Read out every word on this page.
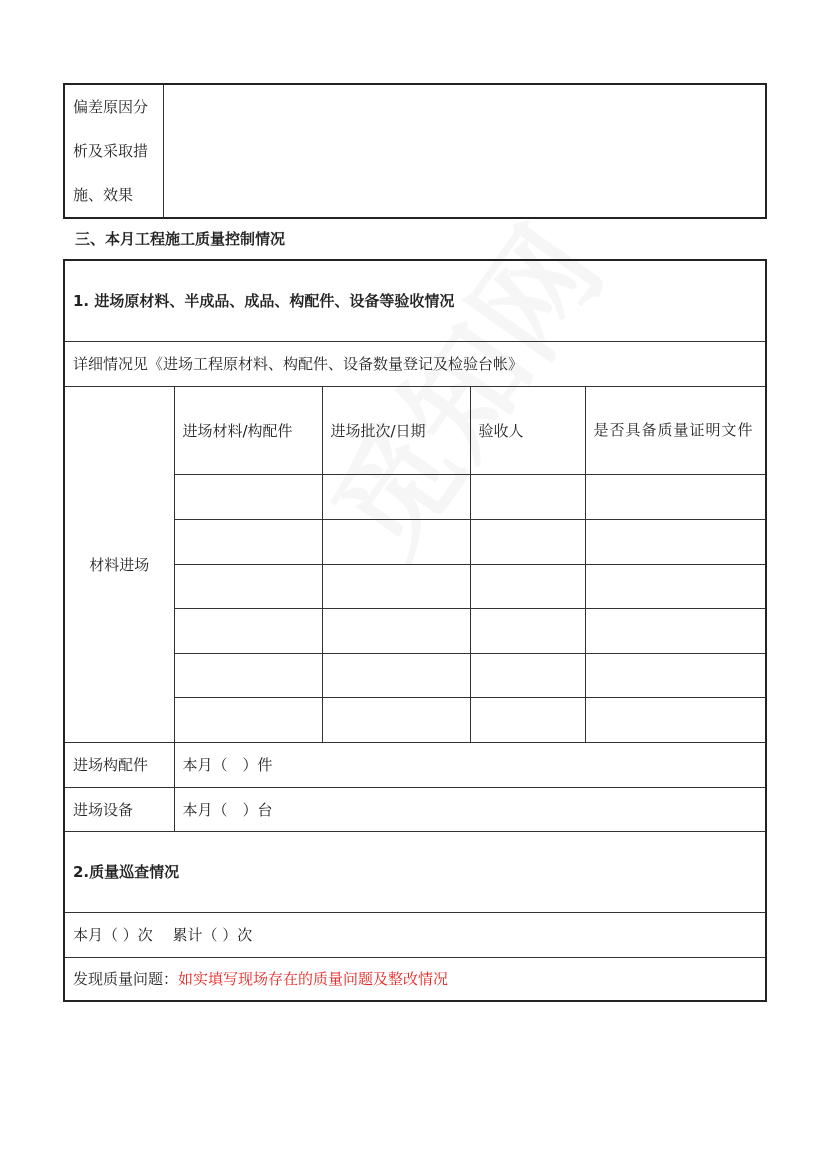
偏差原因分析及采取措施、效果	
三、本月工程施工质量控制情况
1. 进场原材料、半成品、成品、构配件、设备等验收情况				
详细情况见《进场工程原材料、构配件、设备数量登记及检验台帐》				
材料进场	进场材料/构配件	进场批次/日期	验收人	是否具备质量证明文件

进场构配件	本月（　）件			
进场设备	本月（　）台			
2.质量巡查情况				
本月（ ）次　 累计（ ）次				
发现质量问题：如实填写现场存在的质量问题及整改情况				
